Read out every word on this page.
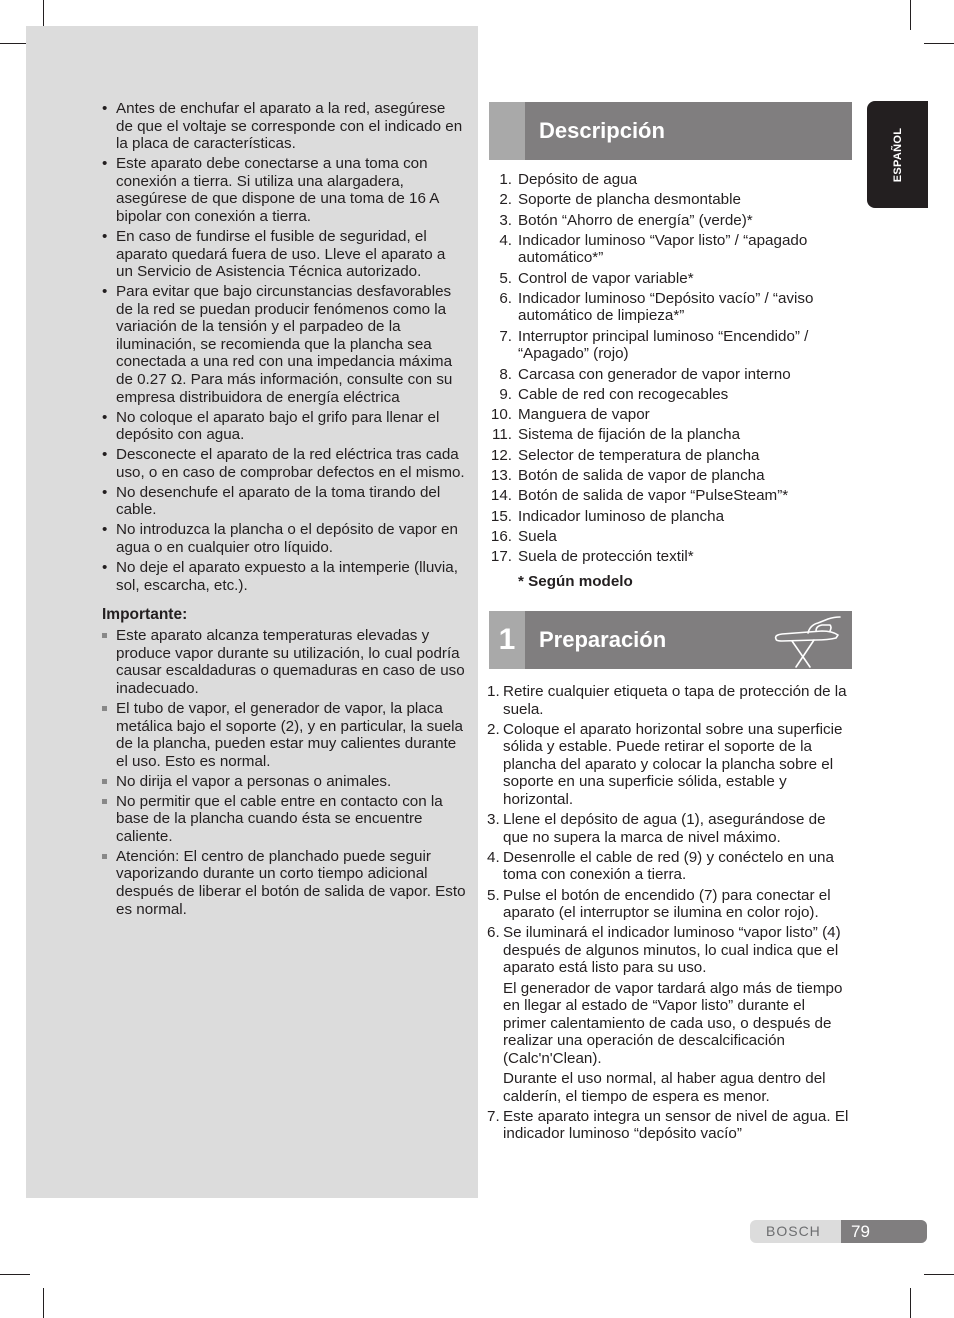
• Antes de enchufar el aparato a la red, asegúrese de que el voltaje se corresponde con el indicado en la placa de características.
• Este aparato debe conectarse a una toma con conexión a tierra. Si utiliza una alargadera, asegúrese de que dispone de una toma de 16 A bipolar con conexión a tierra.
• En caso de fundirse el fusible de seguridad, el aparato quedará fuera de uso. Lleve el aparato a un Servicio de Asistencia Técnica autorizado.
• Para evitar que bajo circunstancias desfavorables de la red se puedan producir fenómenos como la variación de la tensión y el parpadeo de la iluminación, se recomienda que la plancha sea conectada a una red con una impedancia máxima de 0.27 Ω. Para más información, consulte con su empresa distribuidora de energía eléctrica
• No coloque el aparato bajo el grifo para llenar el depósito con agua.
• Desconecte el aparato de la red eléctrica tras cada uso, o en caso de comprobar defectos en el mismo.
• No desenchufe el aparato de la toma tirando del cable.
• No introduzca la plancha o el depósito de vapor en agua o en cualquier otro líquido.
• No deje el aparato expuesto a la intemperie (lluvia, sol, escarcha, etc.).
Importante:
Este aparato alcanza temperaturas elevadas y produce vapor durante su utilización, lo cual podría causar escaldaduras o quemaduras en caso de uso inadecuado.
El tubo de vapor, el generador de vapor, la placa metálica bajo el soporte (2), y en particular, la suela de la plancha, pueden estar muy calientes durante el uso. Esto es normal.
No dirija el vapor a personas o animales.
No permitir que el cable entre en contacto con la base de la plancha cuando ésta se encuentre caliente.
Atención: El centro de planchado puede seguir vaporizando durante un corto tiempo adicional después de liberar el botón de salida de vapor. Esto es normal.
ESPAÑOL
Descripción
1. Depósito de agua
2. Soporte de plancha desmontable
3. Botón “Ahorro de energía” (verde)*
4. Indicador luminoso “Vapor listo” / “apagado automático*”
5. Control de vapor variable*
6. Indicador luminoso “Depósito vacío” / “aviso automático de limpieza*”
7. Interruptor principal luminoso “Encendido” / “Apagado” (rojo)
8. Carcasa con generador de vapor interno
9. Cable de red con recogecables
10. Manguera de vapor
11. Sistema de fijación de la plancha
12. Selector de temperatura de plancha
13. Botón de salida de vapor de plancha
14. Botón de salida de vapor “PulseSteam”*
15. Indicador luminoso de plancha
16. Suela
17. Suela de protección textil*
* Según modelo
1	Preparación
1. Retire cualquier etiqueta o tapa de protección de la suela.

2. Coloque el aparato horizontal sobre una superficie sólida y estable. Puede retirar el soporte de la plancha del aparato y colocar la plancha sobre el soporte en una superficie sólida, estable y horizontal.

3. Llene el depósito de agua (1), asegurándose de que no supera la marca de nivel máximo.

4. Desenrolle el cable de red (9) y conéctelo en una toma con conexión a tierra.

5. Pulse el botón de encendido (7) para conectar el aparato (el interruptor se ilumina en color rojo).

6. Se iluminará el indicador luminoso “vapor listo” (4) después de algunos minutos, lo cual indica que el aparato está listo para su uso.

El generador de vapor tardará algo más de tiempo en llegar al estado de “Vapor listo” durante el primer calentamiento de cada uso, o después de realizar una operación de descalcificación (Calc'n'Clean).

Durante el uso normal, al haber agua dentro del calderín, el tiempo de espera es menor.

7. Este aparato integra un sensor de nivel de agua. El indicador luminoso “depósito vacío”

BOSCH	79
